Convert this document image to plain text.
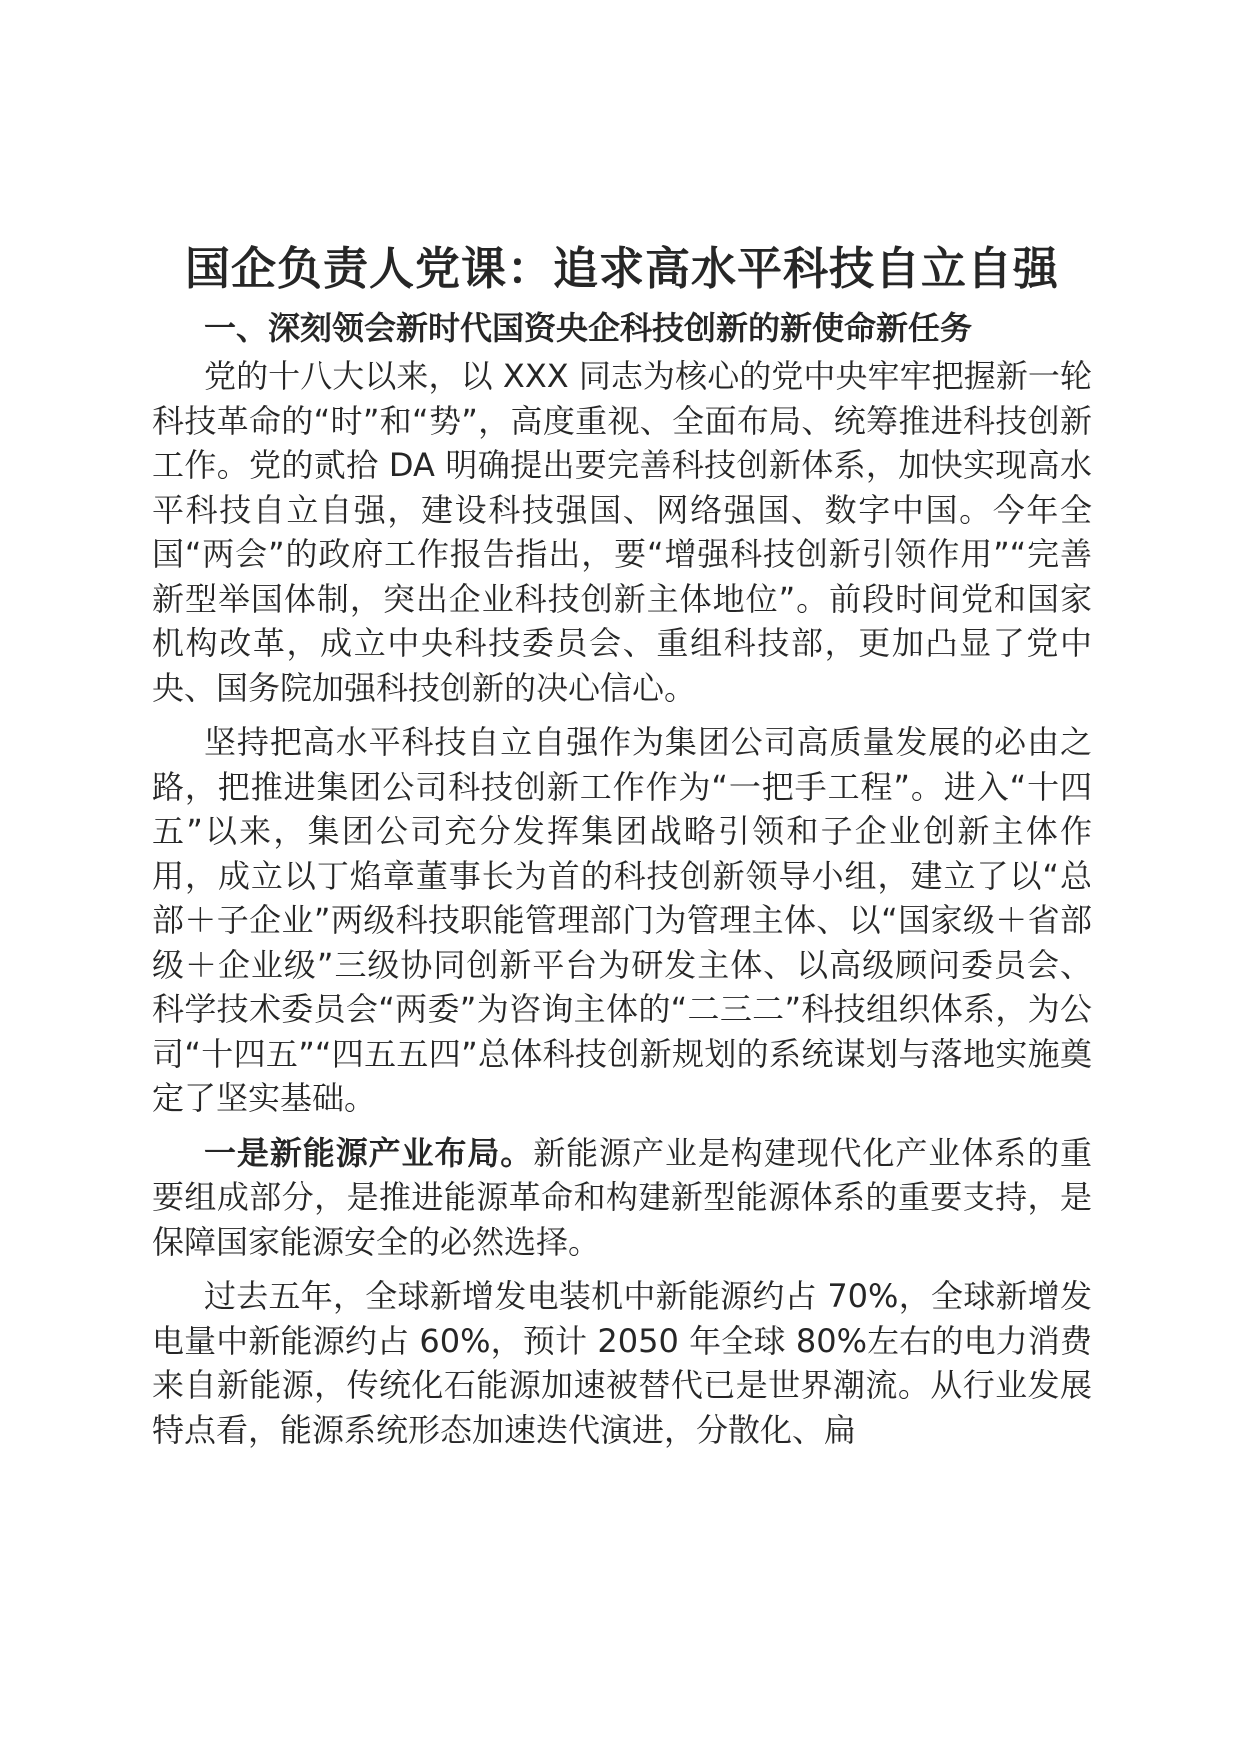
国企负责人党课：追求高水平科技自立自强
一、深刻领会新时代国资央企科技创新的新使命新任务

党的十八大以来，以 XXX 同志为核心的党中央牢牢把握新一轮科技革命的“时”和“势”，高度重视、全面布局、统筹推进科技创新工作。党的贰拾 DA 明确提出要完善科技创新体系，加快实现高水平科技自立自强，建设科技强国、网络强国、数字中国。今年全国“两会”的政府工作报告指出，要“增强科技创新引领作用”“完善新型举国体制，突出企业科技创新主体地位”。前段时间党和国家机构改革，成立中央科技委员会、重组科技部，更加凸显了党中央、国务院加强科技创新的决心信心。

坚持把高水平科技自立自强作为集团公司高质量发展的必由之路，把推进集团公司科技创新工作作为“一把手工程”。进入“十四五”以来，集团公司充分发挥集团战略引领和子企业创新主体作用，成立以丁焰章董事长为首的科技创新领导小组，建立了以“总部＋子企业”两级科技职能管理部门为管理主体、以“国家级＋省部级＋企业级”三级协同创新平台为研发主体、以高级顾问委员会、科学技术委员会“两委”为咨询主体的“二三二”科技组织体系，为公司“十四五”“四五五四”总体科技创新规划的系统谋划与落地实施奠定了坚实基础。

一是新能源产业布局。新能源产业是构建现代化产业体系的重要组成部分，是推进能源革命和构建新型能源体系的重要支持，是保障国家能源安全的必然选择。

过去五年，全球新增发电装机中新能源约占 70%，全球新增发电量中新能源约占 60%，预计 2050 年全球 80%左右的电力消费来自新能源，传统化石能源加速被替代已是世界潮流。从行业发展特点看，能源系统形态加速迭代演进，分散化、扁
